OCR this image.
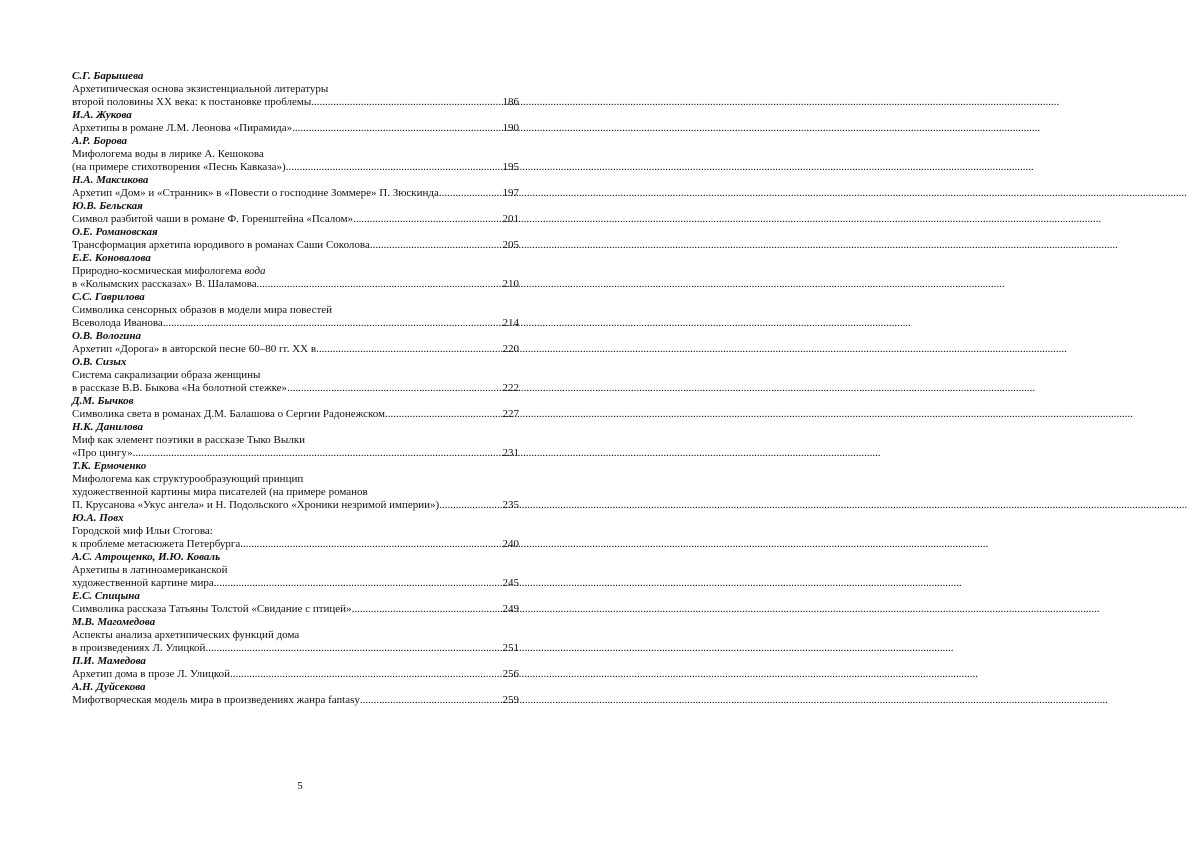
С.Г. Барышева
Архетипическая основа экзистенциальной литературы
второй половины ХХ века: к постановке проблемы .....	186
И.А. Жукова
Архетипы в романе Л.М. Леонова «Пирамида» .....	190
А.Р. Борова
Мифологема воды в лирике А. Кешокова
(на примере стихотворения «Песнь Кавказа») .....	195
Н.А. Максикова
Архетип «Дом» и «Странник» в «Повести о господине Зоммере» П. Зюскинда .....	197
Ю.В. Бельская
Символ разбитой чаши в романе Ф. Горенштейна «Псалом» .....	201
О.Е. Романовская
Трансформация архетипа юродивого в романах Саши Соколова .....	205
Е.Е. Коновалова
Природно-космическая мифологема вода
в «Колымских рассказах» В. Шаламова .....	210
С.С. Гаврилова
Символика сенсорных образов в модели мира повестей
Всеволода Иванова .....	214
О.В. Вологина
Архетип «Дорога» в авторской песне 60–80 гг. ХХ в. .....	220
О.В. Сизых
Система сакрализации образа женщины
в рассказе В.В. Быкова «На болотной стежке» .....	222
Д.М. Бычков
Символика света в романах Д.М. Балашова о Сергии Радонежском .....	227
Н.К. Данилова
Миф как элемент поэтики в рассказе Тыко Вылки
«Про цингу» .....	231
Т.К. Ермоченко
Мифологема как структурообразующий принцип
художественной картины мира писателей (на примере романов
П. Крусанова «Укус ангела» и Н. Подольского «Хроники незримой империи») .....	235
Ю.А. Повх
Городской миф Ильи Стогова:
к проблеме метасюжета Петербурга .....	240
А.С. Атрощенко, И.Ю. Коваль
Архетипы в латиноамериканской
художественной картине мира .....	245
Е.С. Спицына
Символика рассказа Татьяны Толстой «Свидание с птицей» .....	249
М.В. Магомедова
Аспекты анализа архетипических функций дома
в произведениях Л. Улицкой .....	251
П.И. Мамедова
Архетип дома в прозе Л. Улицкой .....	256
А.Н. Дуйсекова
Мифотворческая модель мира в произведениях жанра fantasy .....	259
5
